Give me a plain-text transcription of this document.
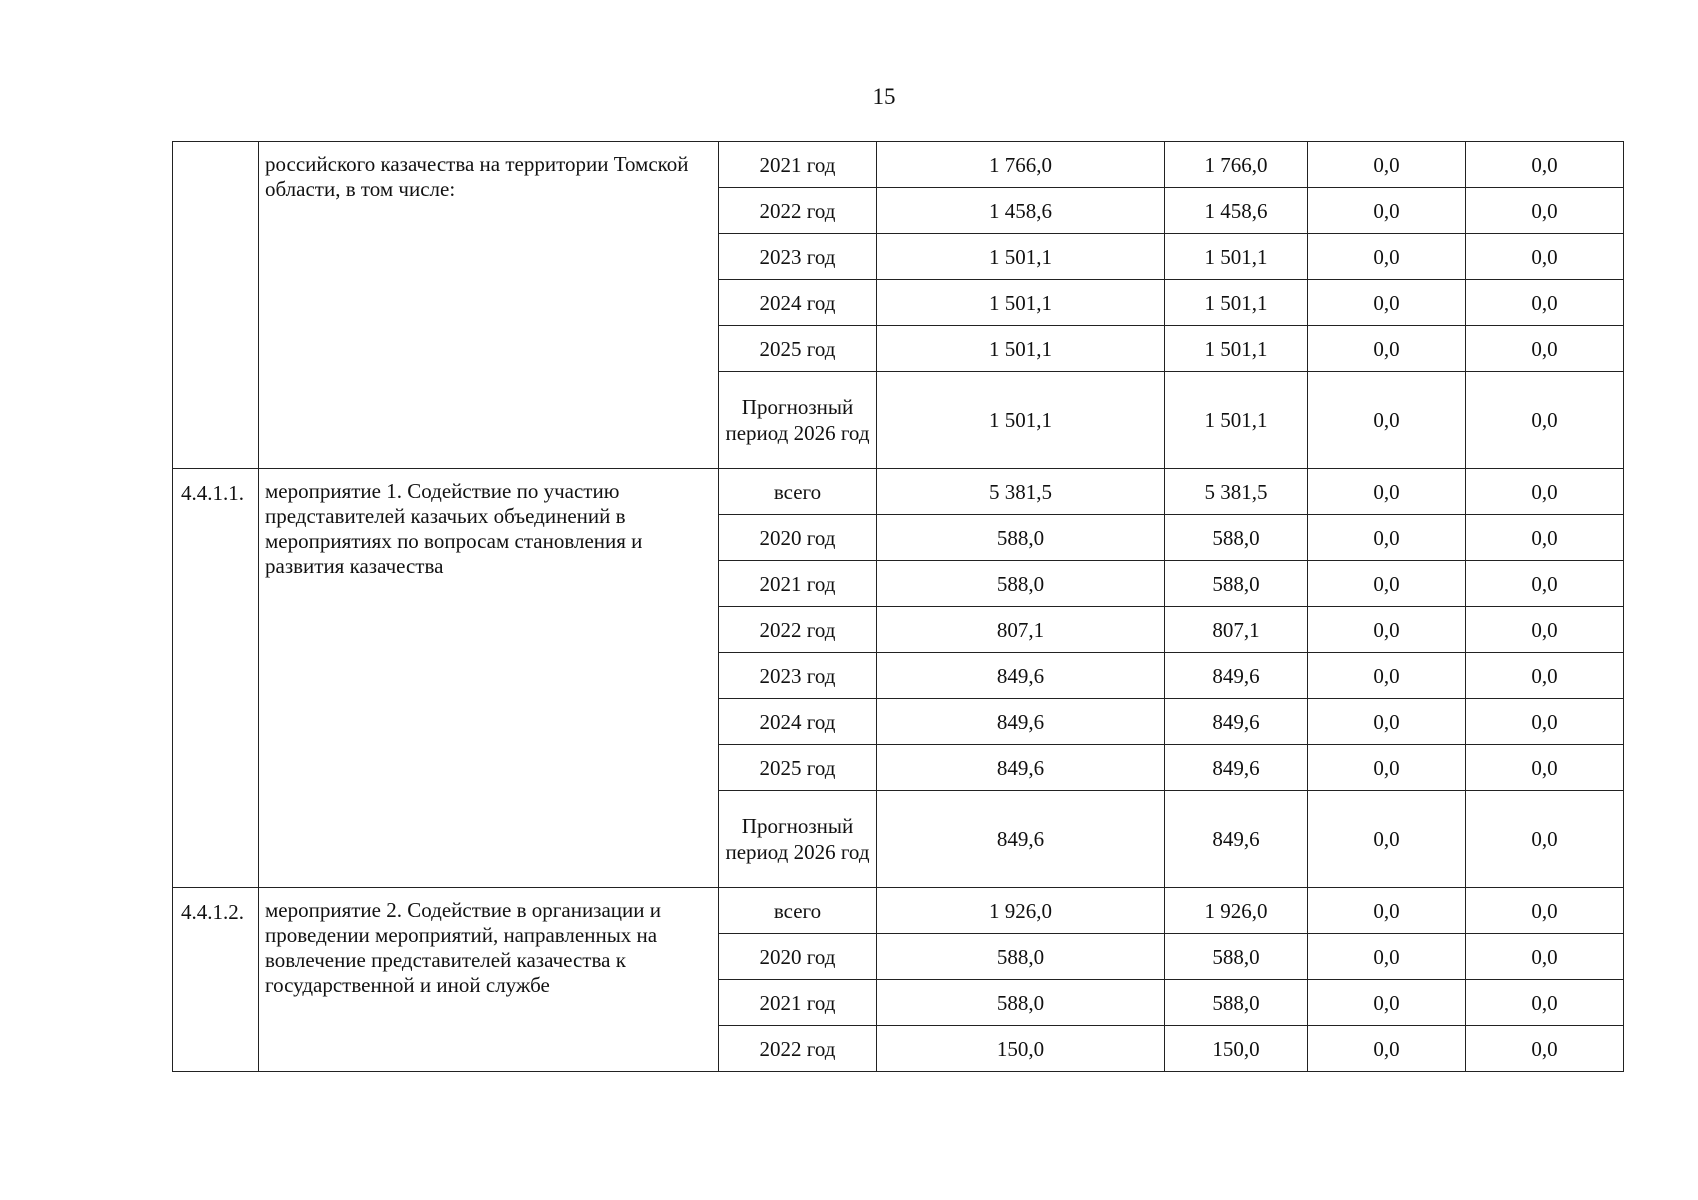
15
	российского казачества на территории Томской области, в том числе:	2021 год	1 766,0	1 766,0	0,0	0,0
		2022 год	1 458,6	1 458,6	0,0	0,0
		2023 год	1 501,1	1 501,1	0,0	0,0
		2024 год	1 501,1	1 501,1	0,0	0,0
		2025 год	1 501,1	1 501,1	0,0	0,0
		Прогнозный период 2026 год	1 501,1	1 501,1	0,0	0,0
4.4.1.1.	мероприятие 1. Содействие по участию представителей казачьих объединений в мероприятиях по вопросам становления и развития казачества	всего	5 381,5	5 381,5	0,0	0,0
		2020 год	588,0	588,0	0,0	0,0
		2021 год	588,0	588,0	0,0	0,0
		2022 год	807,1	807,1	0,0	0,0
		2023 год	849,6	849,6	0,0	0,0
		2024 год	849,6	849,6	0,0	0,0
		2025 год	849,6	849,6	0,0	0,0
		Прогнозный период 2026 год	849,6	849,6	0,0	0,0
4.4.1.2.	мероприятие 2. Содействие в организации и проведении мероприятий, направленных на вовлечение представителей казачества к государственной и иной службе	всего	1 926,0	1 926,0	0,0	0,0
		2020 год	588,0	588,0	0,0	0,0
		2021 год	588,0	588,0	0,0	0,0
		2022 год	150,0	150,0	0,0	0,0
